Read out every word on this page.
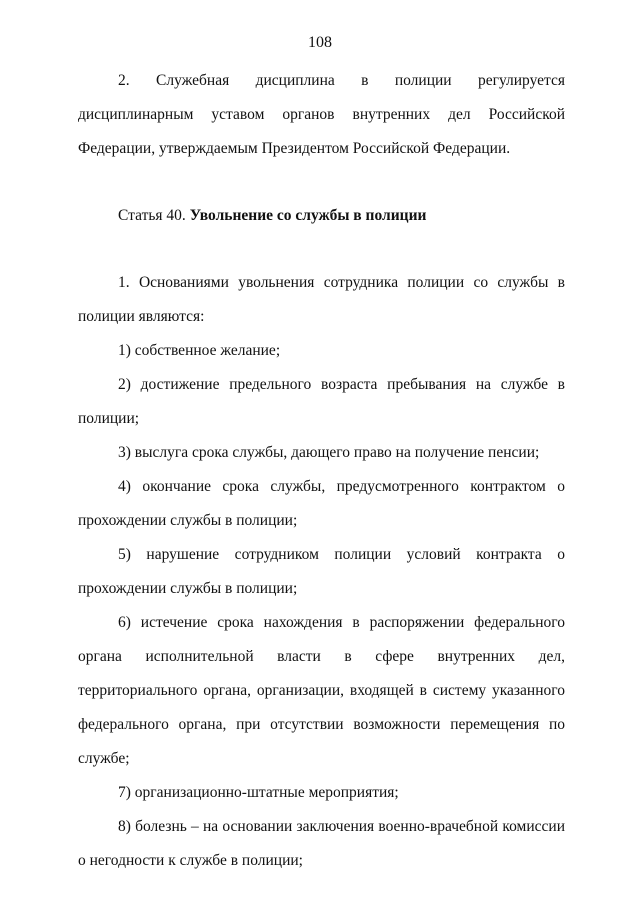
108

2. Служебная дисциплина в полиции регулируется дисциплинарным уставом органов внутренних дел Российской Федерации, утверждаемым Президентом Российской Федерации.

Статья 40. Увольнение со службы в полиции

1. Основаниями увольнения сотрудника полиции со службы в полиции являются:

1) собственное желание;

2) достижение предельного возраста пребывания на службе в полиции;

3) выслуга срока службы, дающего право на получение пенсии;

4) окончание срока службы, предусмотренного контрактом о прохождении службы в полиции;

5) нарушение сотрудником полиции условий контракта о прохождении службы в полиции;

6) истечение срока нахождения в распоряжении федерального органа исполнительной власти в сфере внутренних дел, территориального органа, организации, входящей в систему указанного федерального органа, при отсутствии возможности перемещения по службе;

7) организационно-штатные мероприятия;

8) болезнь – на основании заключения военно-врачебной комиссии о негодности к службе в полиции;
